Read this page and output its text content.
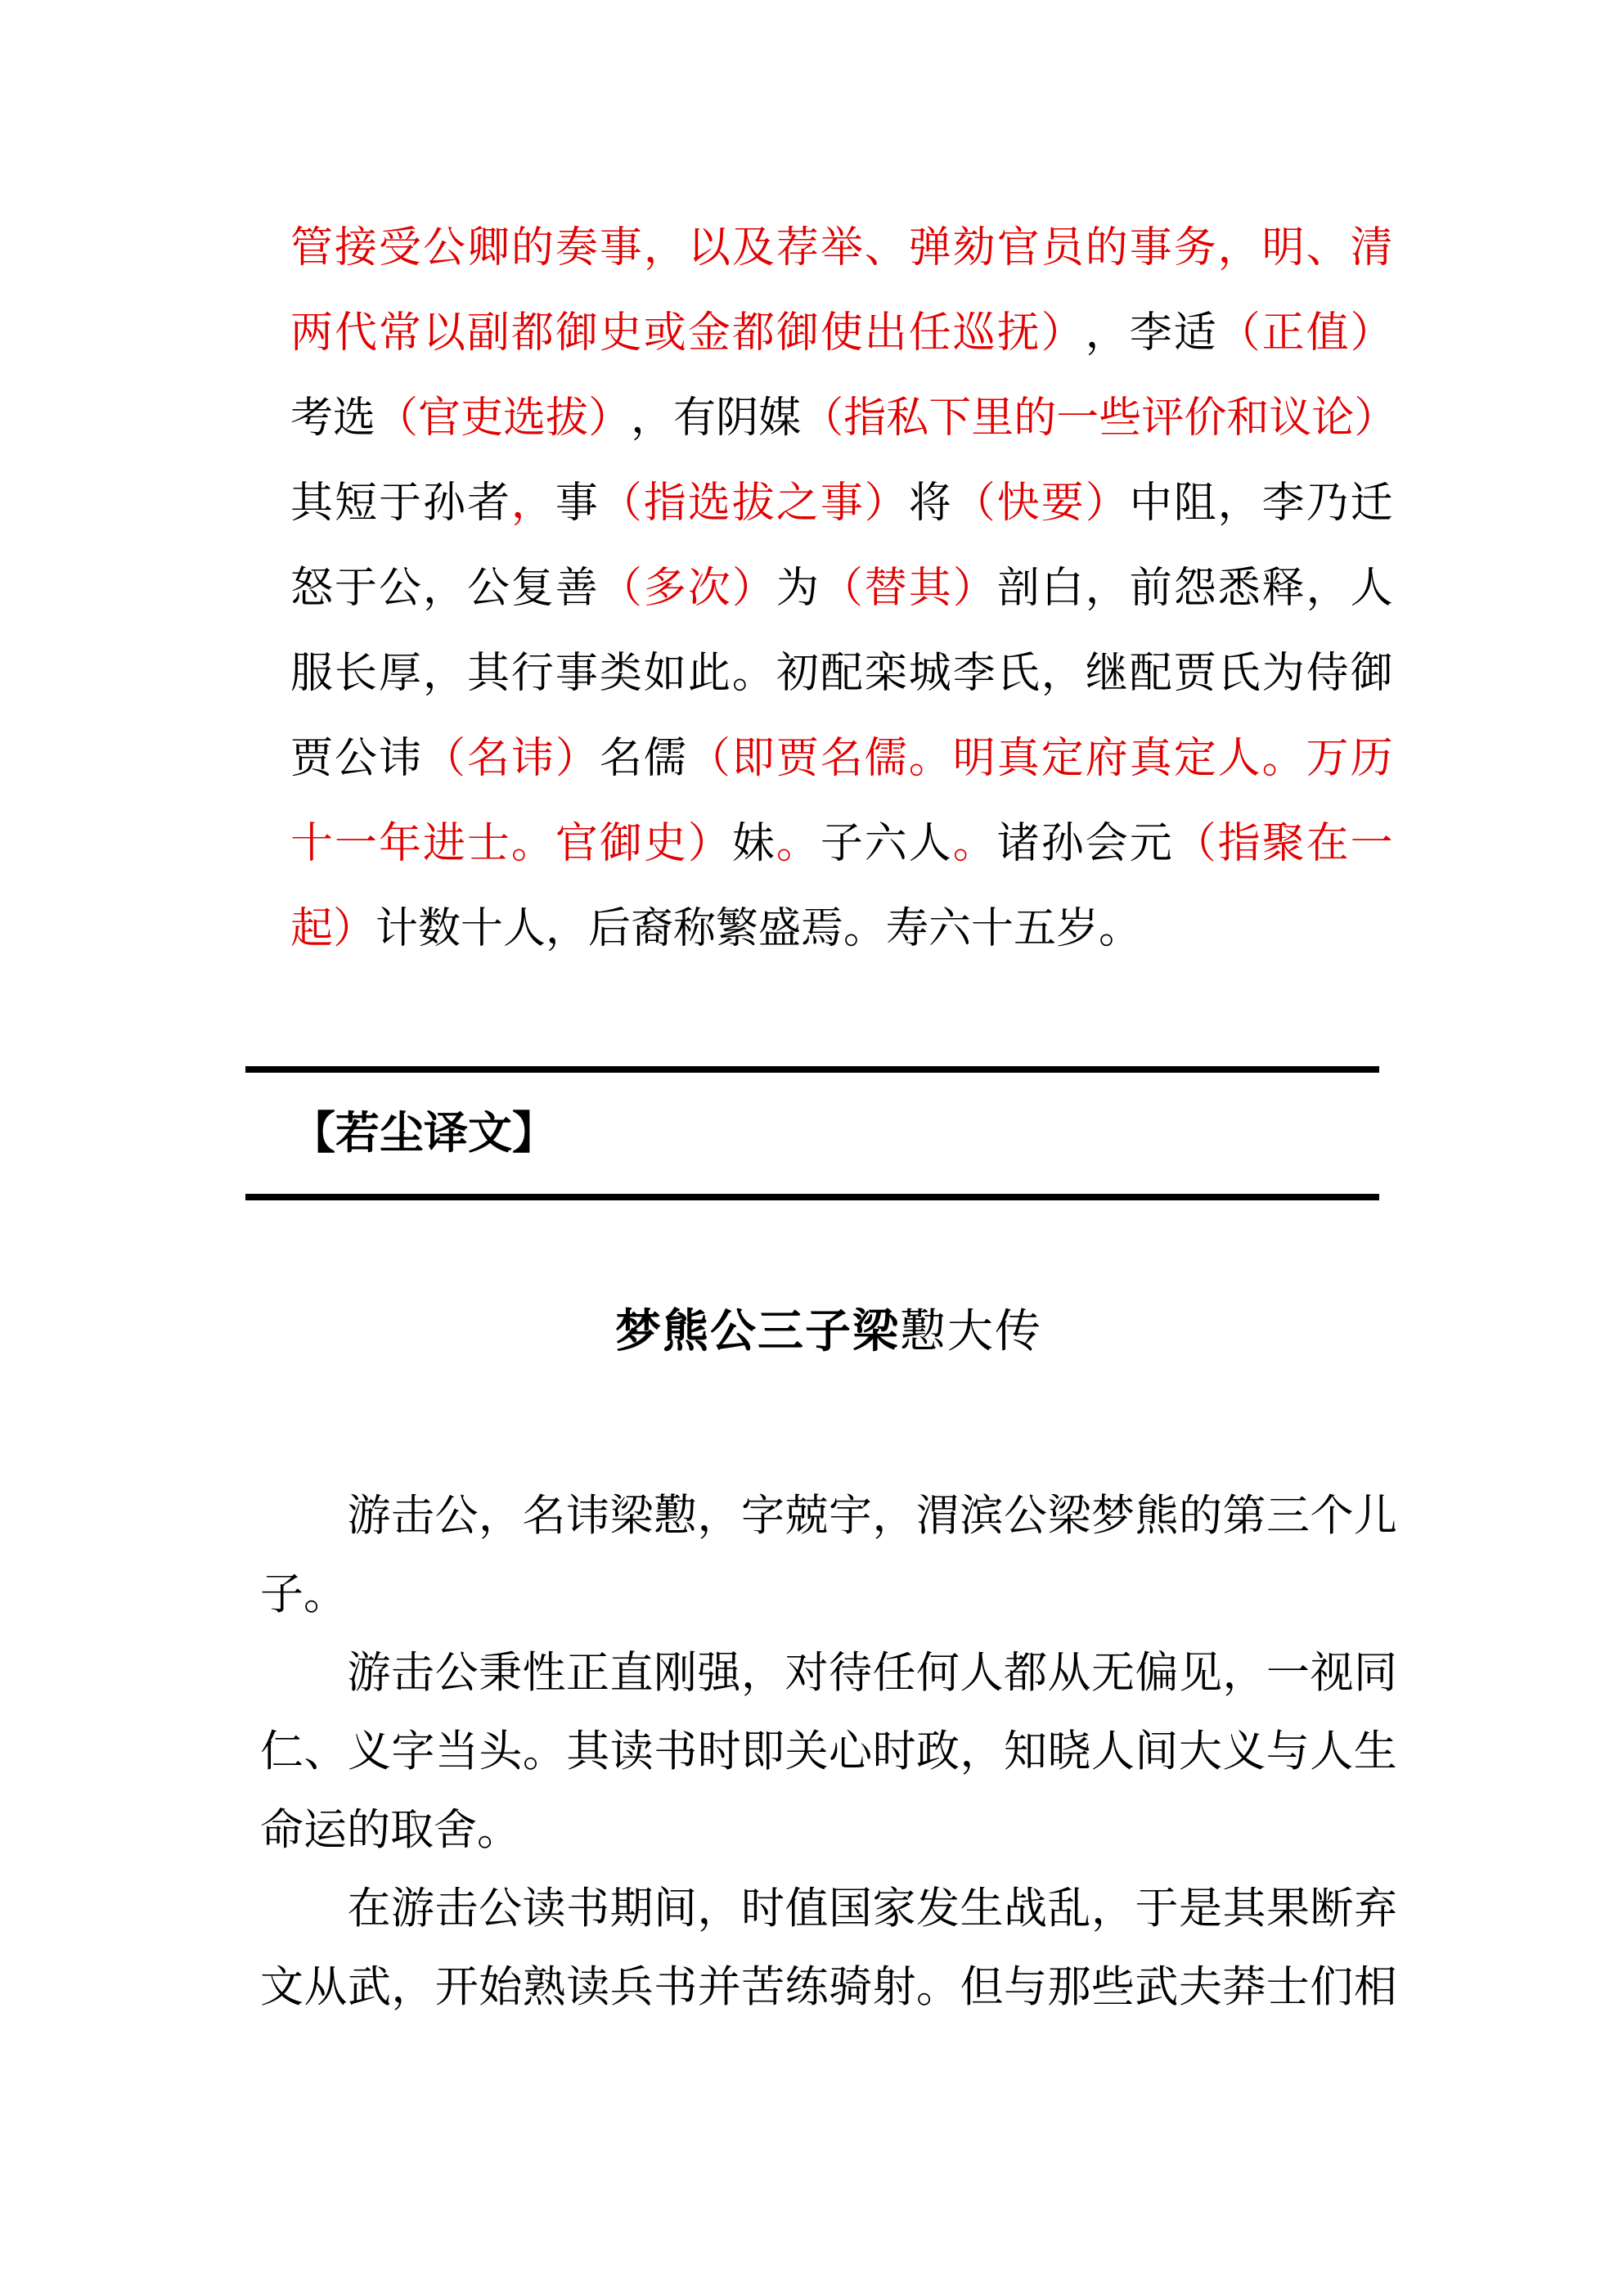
管 接 受 公 卿 的 奏 事 ， 以 及 荐 举 、 弹 劾 官 员 的 事 务 ， 明 、 清
两 代 常 以 副 都 御 史 或 金 都 御 使 出 任 巡 抚 ） ， 李 适 （ 正 值 ）
考 选 （ 官 吏 选 拔 ） ， 有 阴 媒 （ 指 私 下 里 的 一 些 评 价 和 议 论 ）
其 短 于 孙 者 ， 事 （ 指 选 拔 之 事 ） 将 （ 快 要 ） 中 阻 ， 李 乃 迁
怒 于 公 ， 公 复 善 （ 多 次 ） 为 （ 替 其 ） 剖 白 ， 前 怨 悉 释 ， 人
服 长 厚 ， 其 行 事 类 如 此 。 初 配 栾 城 李 氏 ， 继 配 贾 氏 为 侍 御
贾 公 讳 （ 名 讳 ） 名 儒 （ 即 贾 名 儒 。 明 真 定 府 真 定 人 。 万 历
十 一 年 进 士 。 官 御 史 ） 妹 。 子 六 人 。 诸 孙 会 元 （ 指 聚 在 一
起）计数十人，后裔称繁盛焉。寿六十五岁。
【若尘译文】
梦熊公三子梁懃大传
游 击 公 ， 名 讳 梁 懃 ， 字 兢 宇 ， 渭 滨 公 梁 梦 熊 的 第 三 个 儿
子。
游 击 公 秉 性 正 直 刚 强 ， 对 待 任 何 人 都 从 无 偏 见 ， 一 视 同
仁 、 义 字 当 头 。 其 读 书 时 即 关 心 时 政 ， 知 晓 人 间 大 义 与 人 生
命运的取舍。
在 游 击 公 读 书 期 间 ， 时 值 国 家 发 生 战 乱 ， 于 是 其 果 断 弃
文 从 武 ， 开 始 熟 读 兵 书 并 苦 练 骑 射 。 但 与 那 些 武 夫 莽 士 们 相
